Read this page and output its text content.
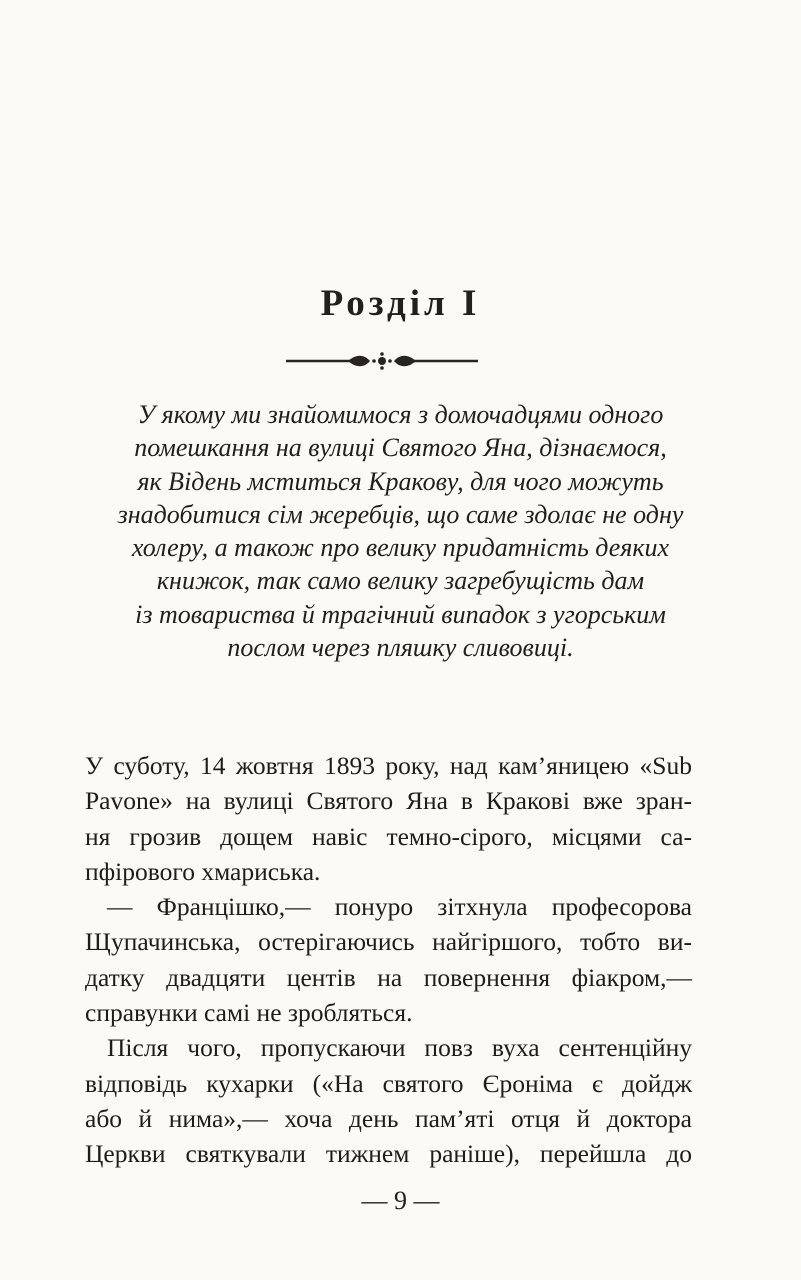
Розділ I
У якому ми знайомимося з домочадцями одного
помешкання на вулиці Святого Яна, дізнаємося,
як Відень мститься Кракову, для чого можуть
знадобитися сім жеребців, що саме здолає не одну
холеру, а також про велику придатність деяких
книжок, так само велику загребущість дам
із товариства й трагічний випадок з угорським
послом через пляшку сливовиці.
У суботу, 14 жовтня 1893 року, над кам’яницею «Sub
Pavone» на вулиці Святого Яна в Кракові вже зран-
ня грозив дощем навіс темно-сірого, місцями са-
пфірового хмариська.
— Францішко,— понуро зітхнула професорова
Щупачинська, остерігаючись найгіршого, тобто ви-
датку двадцяти центів на повернення фіакром,—
справунки самі не зробляться.
Після чого, пропускаючи повз вуха сентенційну
відповідь кухарки («На святого Єроніма є дойдж
або й нима»,— хоча день пам’яті отця й доктора
Церкви святкували тижнем раніше), перейшла до
— 9 —
